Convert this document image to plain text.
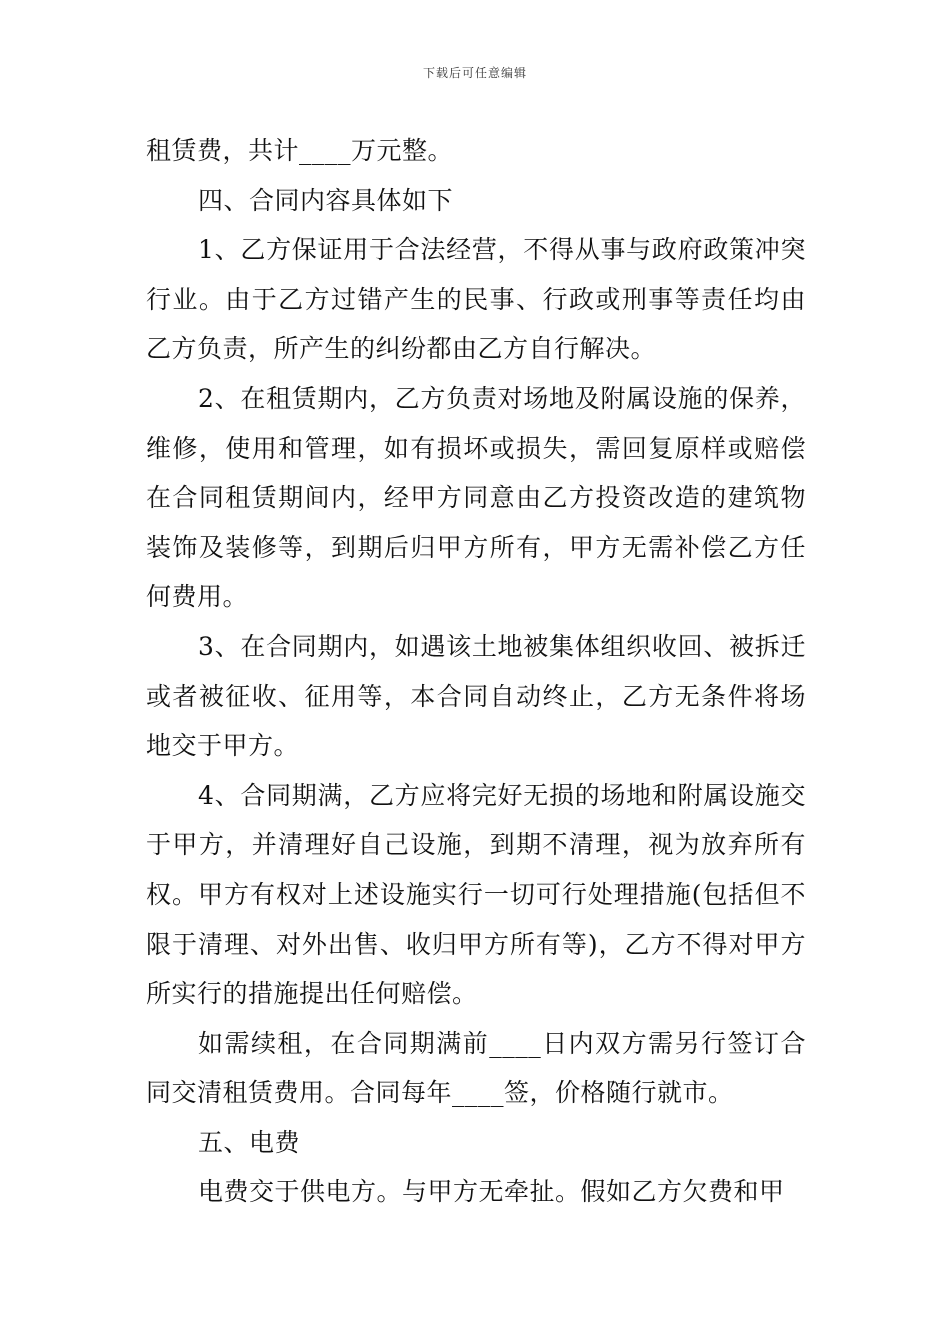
下载后可任意编辑

租赁费，共计____万元整。

四、合同内容具体如下

1、乙方保证用于合法经营，不得从事与政府政策冲突行业。由于乙方过错产生的民事、行政或刑事等责任均由乙方负责，所产生的纠纷都由乙方自行解决。

2、在租赁期内，乙方负责对场地及附属设施的保养，维修，使用和管理，如有损坏或损失，需回复原样或赔偿在合同租赁期间内，经甲方同意由乙方投资改造的建筑物装饰及装修等，到期后归甲方所有，甲方无需补偿乙方任何费用。

3、在合同期内，如遇该土地被集体组织收回、被拆迁或者被征收、征用等，本合同自动终止，乙方无条件将场地交于甲方。

4、合同期满，乙方应将完好无损的场地和附属设施交于甲方，并清理好自己设施，到期不清理，视为放弃所有权。甲方有权对上述设施实行一切可行处理措施(包括但不限于清理、对外出售、收归甲方所有等)，乙方不得对甲方所实行的措施提出任何赔偿。

如需续租，在合同期满前____日内双方需另行签订合同交清租赁费用。合同每年____签，价格随行就市。

五、电费

电费交于供电方。与甲方无牵扯。假如乙方欠费和甲
